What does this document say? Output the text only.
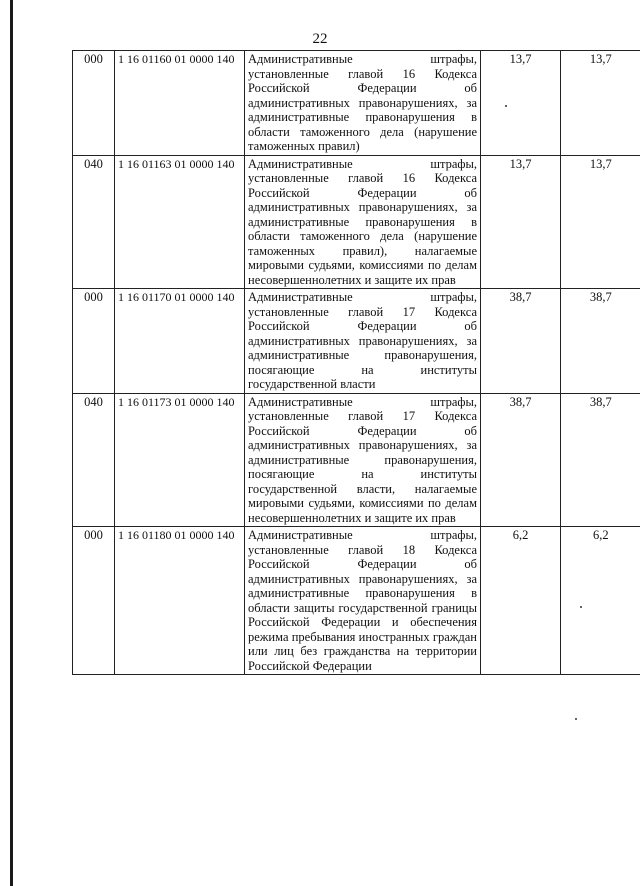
22
000	1 16 01160 01 0000 140	Административные штрафы, установленные главой 16 Кодекса Российской Федерации об административных правонарушениях, за административные правонарушения в области таможенного дела (нарушение таможенных правил)	13,7	13,7
040	1 16 01163 01 0000 140	Административные штрафы, установленные главой 16 Кодекса Российской Федерации об административных правонарушениях, за административные правонарушения в области таможенного дела (нарушение таможенных правил), налагаемые мировыми судьями, комиссиями по делам несовершеннолетних и защите их прав	13,7	13,7
000	1 16 01170 01 0000 140	Административные штрафы, установленные главой 17 Кодекса Российской Федерации об административных правонарушениях, за административные правонарушения, посягающие на институты государственной власти	38,7	38,7
040	1 16 01173 01 0000 140	Административные штрафы, установленные главой 17 Кодекса Российской Федерации об административных правонарушениях, за административные правонарушения, посягающие на институты государственной власти, налагаемые мировыми судьями, комиссиями по делам несовершеннолетних и защите их прав	38,7	38,7
000	1 16 01180 01 0000 140	Административные штрафы, установленные главой 18 Кодекса Российской Федерации об административных правонарушениях, за административные правонарушения в области защиты государственной границы Российской Федерации и обеспечения режима пребывания иностранных граждан или лиц без гражданства на территории Российской Федерации	6,2	6,2
